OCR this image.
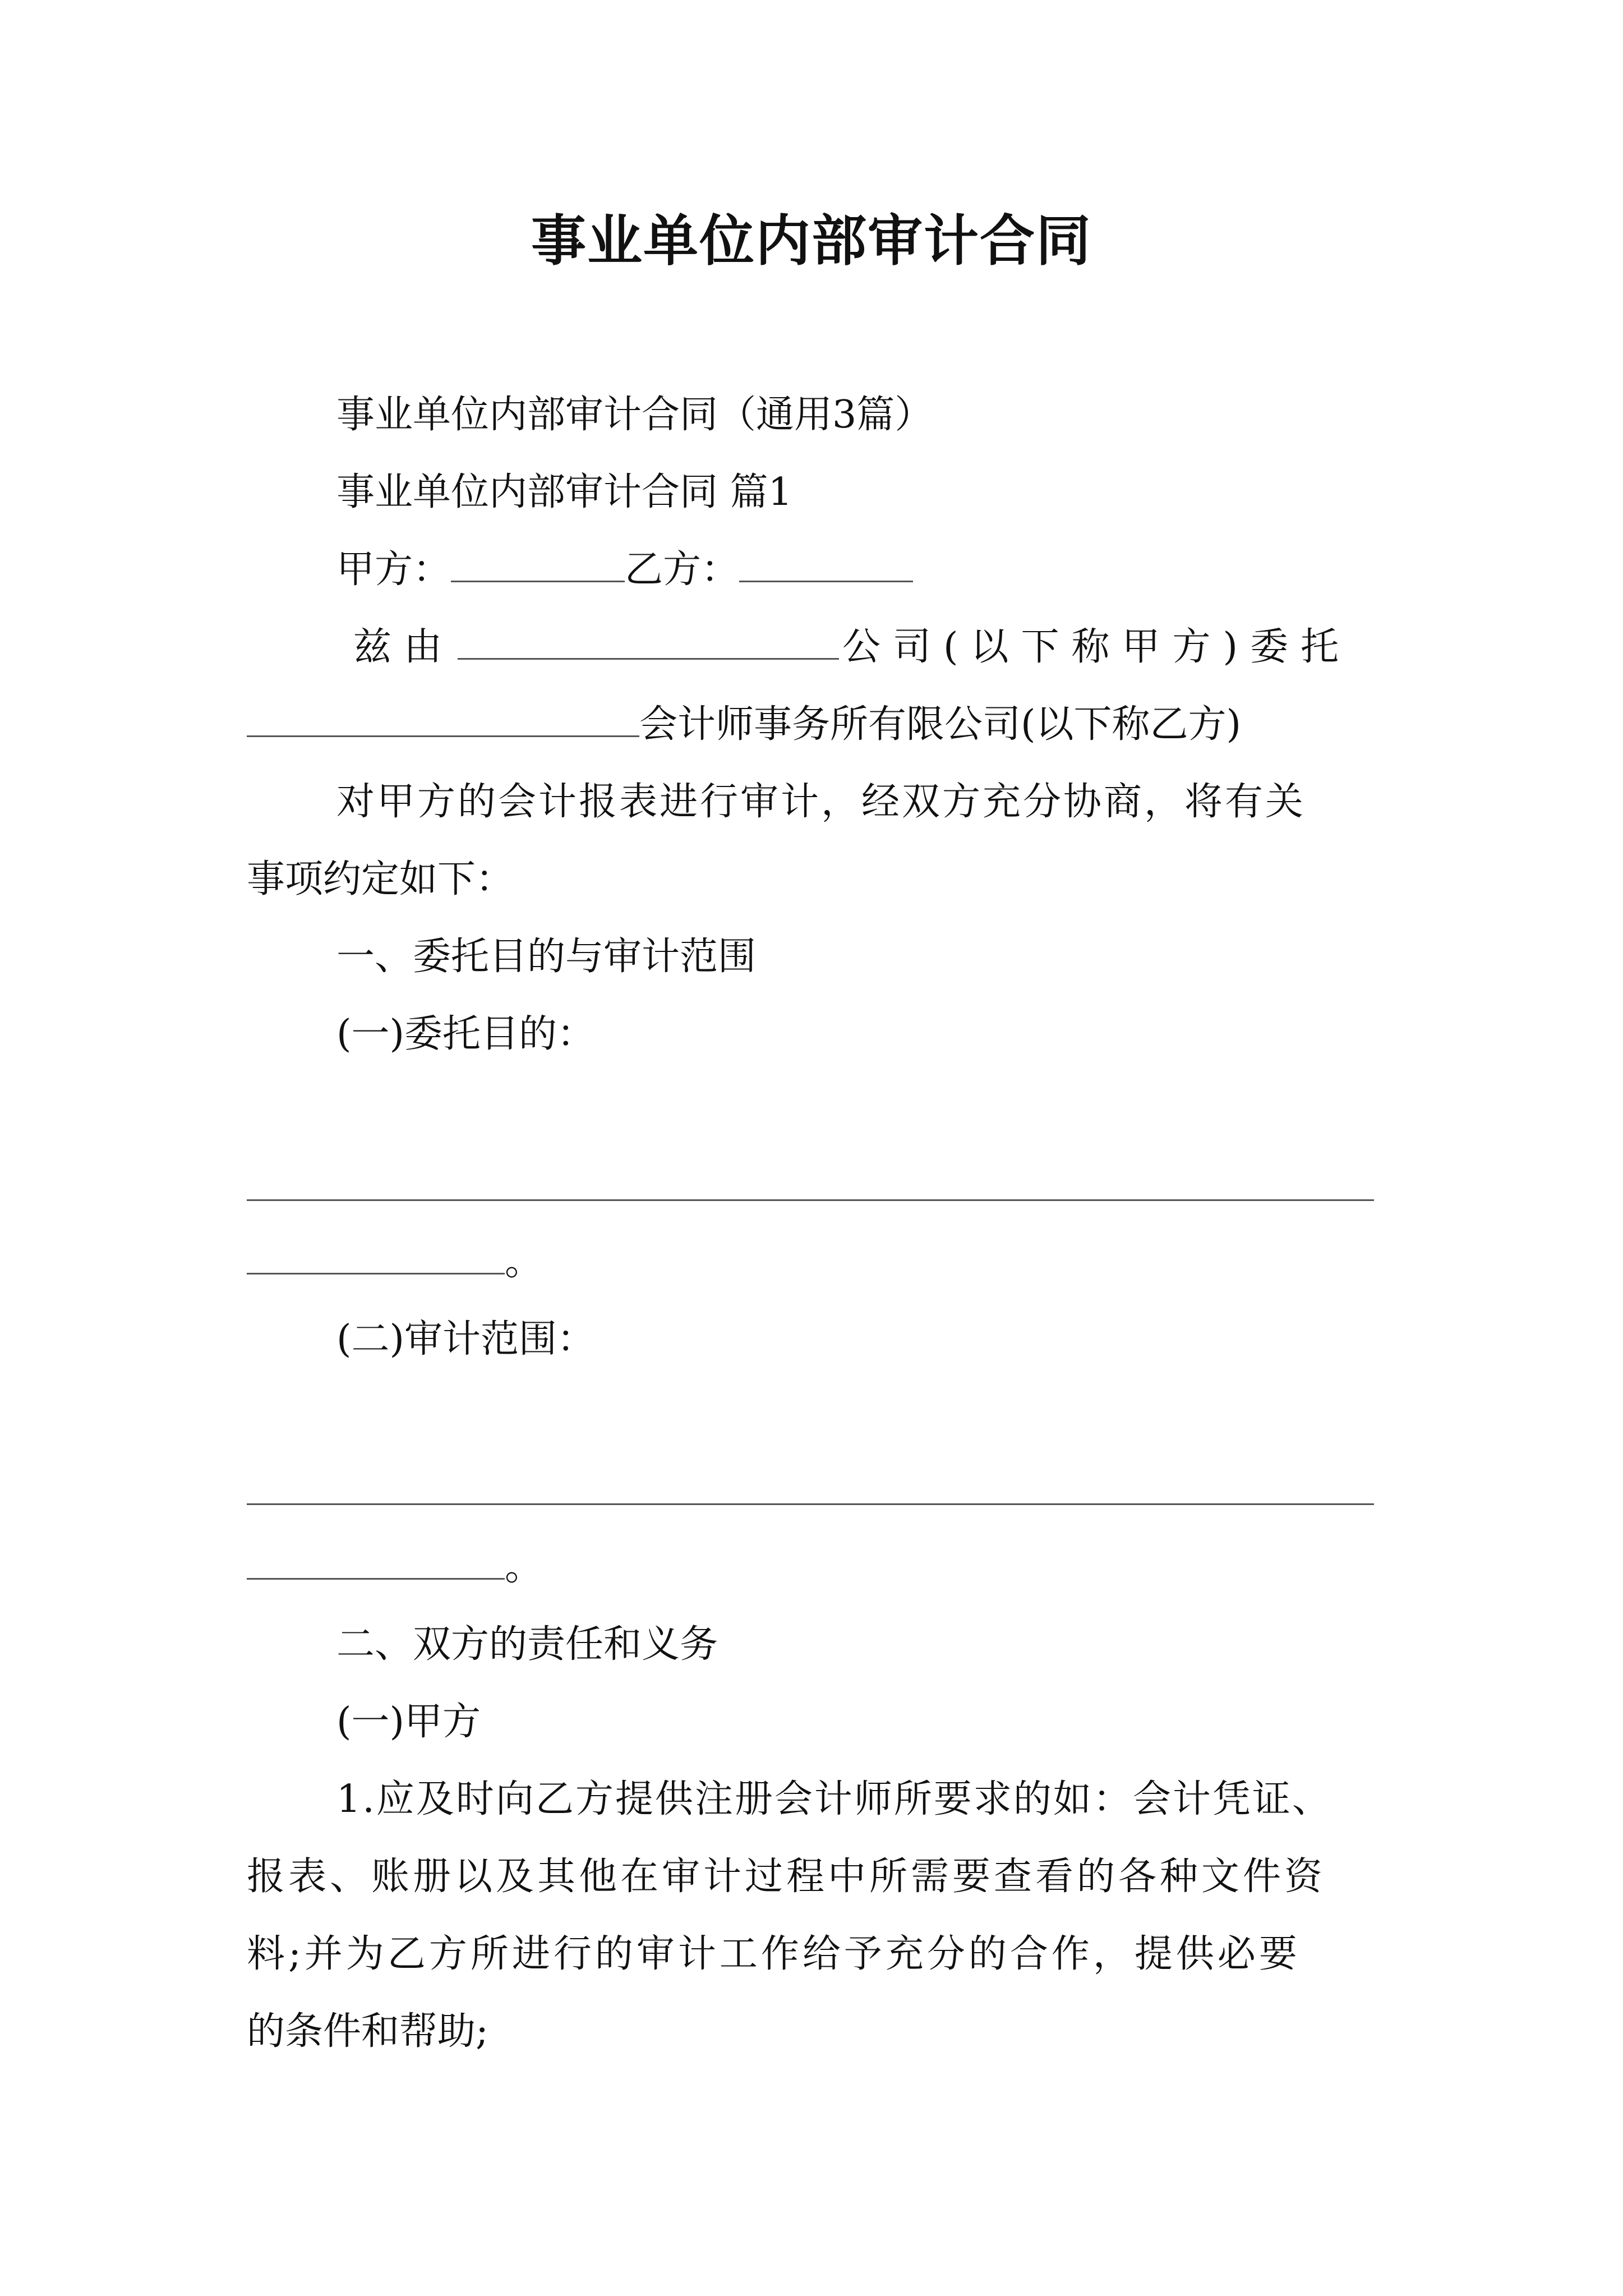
事业单位内部审计合同
事业单位内部审计合同（通用3篇）
事业单位内部审计合同 篇1
甲方：	乙方：
兹由	公司(以下称甲方)委托
会计师事务所有限公司(以下称乙方)
对甲方的会计报表进行审计，经双方充分协商，将有关
事项约定如下：
一、委托目的与审计范围
(一)委托目的：
。
(二)审计范围：
。
二、双方的责任和义务
(一)甲方
1.应及时向乙方提供注册会计师所要求的如：会计凭证、
报表、账册以及其他在审计过程中所需要查看的各种文件资
料;并为乙方所进行的审计工作给予充分的合作，提供必要
的条件和帮助;
